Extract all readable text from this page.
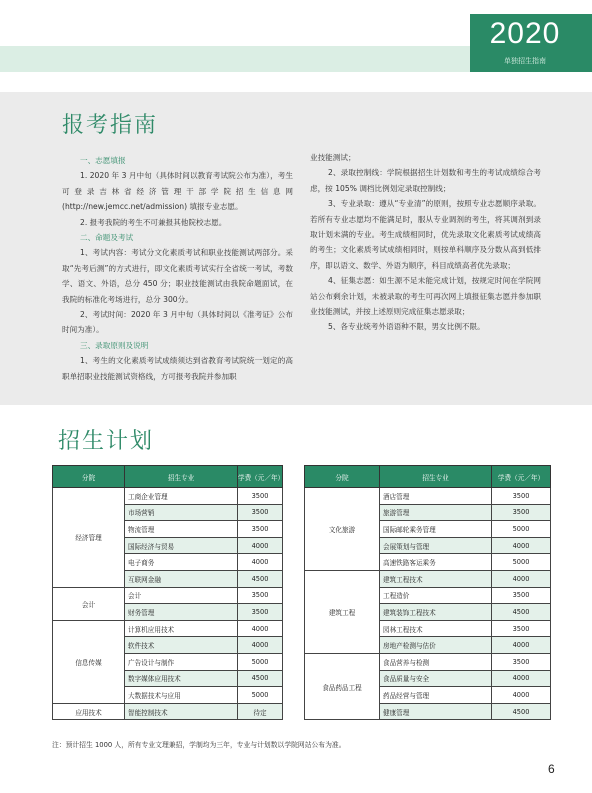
2020
单独招生指南
报考指南

一、志愿填报

1. 2020 年 3 月中旬（具体时间以教育考试院公布为准），考生可登录吉林省经济管理干部学院招生信息网 (http://new.jemcc.net/admission) 填报专业志愿。

2. 报考我院的考生不可兼报其他院校志愿。

二、命题及考试

1、考试内容：考试分文化素质考试和职业技能测试两部分。采取“先考后测”的方式进行，即文化素质考试实行全省统一考试，考数学、语文、外语，总分 450 分；职业技能测试由我院命题面试，在我院的标准化考场进行，总分 300分。

2、考试时间：2020 年 3 月中旬（具体时间以《准考证》公布时间为准）。

三、录取原则及说明

1、考生的文化素质考试成绩须达到省教育考试院统一划定的高职单招职业技能测试资格线，方可报考我院并参加职

业技能测试；

2、录取控制线：学院根据招生计划数和考生的考试成绩综合考虑，按 105% 调档比例划定录取控制线；

3、专业录取：遵从“专业清”的原则，按照专业志愿顺序录取。若所有专业志愿均不能满足时，服从专业调剂的考生，将其调剂到录取计划未满的专业。考生成绩相同时，优先录取文化素质考试成绩高的考生；文化素质考试成绩相同时，则按单科顺序及分数从高到低排序，即以语文、数学、外语为顺序，科目成绩高者优先录取；

4、征集志愿：如生源不足未能完成计划，按规定时间在学院网站公布剩余计划，未被录取的考生可再次网上填报征集志愿并参加职业技能测试，并按上述原则完成征集志愿录取；

5、各专业统考外语语种不限，男女比例不限。

招生计划
分院	招生专业	学费（元／年）
经济管理	工商企业管理	3500
	市场营销	3500
	物流管理	3500
	国际经济与贸易	4000
	电子商务	4000
	互联网金融	4500
会计	会计	3500
	财务管理	3500
信息传媒	计算机应用技术	4000
	软件技术	4000
	广告设计与制作	5000
	数字媒体应用技术	4500
	大数据技术与应用	5000
应用技术	智能控制技术	待定
分院	招生专业	学费（元／年）
文化旅游	酒店管理	3500
	旅游管理	3500
	国际邮轮乘务管理	5000
	会展策划与管理	4000
	高速铁路客运乘务	5000
建筑工程	建筑工程技术	4000
	工程造价	3500
	建筑装饰工程技术	4500
	园林工程技术	3500
	房地产检测与估价	4000
食品药品工程	食品营养与检测	3500
	食品质量与安全	4000
	药品经营与管理	4000
	健康管理	4500
注：预计招生 1000 人，所有专业文理兼招，学制均为三年，专业与计划数以学院网站公布为准。
6
